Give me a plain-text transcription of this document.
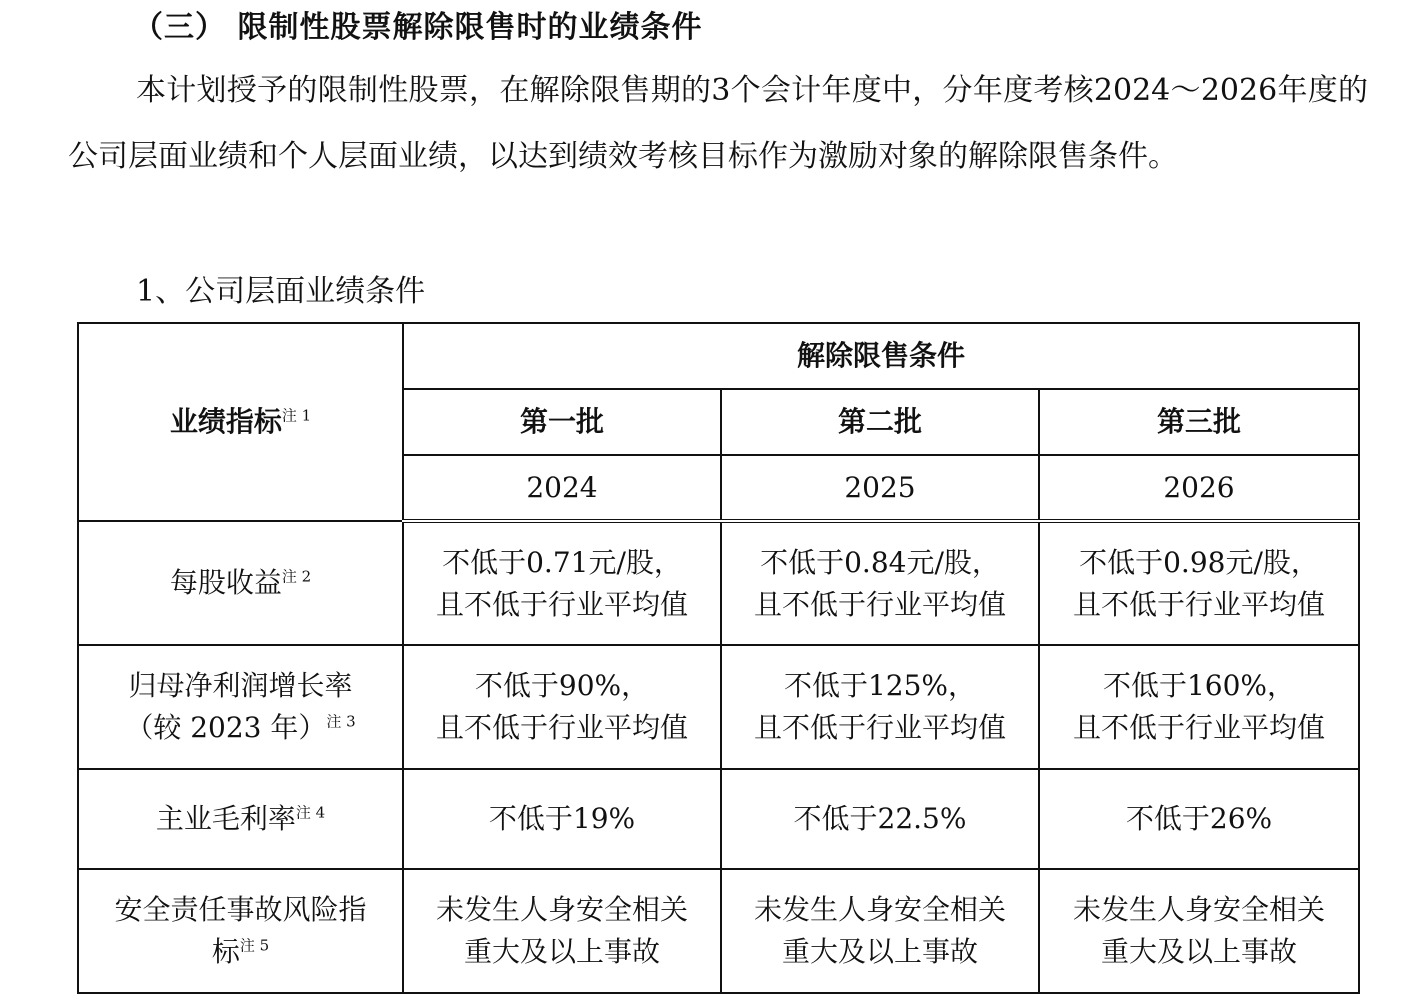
（三） 限制性股票解除限售时的业绩条件
本计划授予的限制性股票，在解除限售期的3个会计年度中，分年度考核2024～2026年度的公司层面业绩和个人层面业绩，以达到绩效考核目标作为激励对象的解除限售条件。
1、公司层面业绩条件
业绩指标$^{注 1}$	解除限售条件		
	第一批	第二批	第三批
	2024	2025	2026
每股收益$^{注 2}$	不低于0.71元/股，
且不低于行业平均值	不低于0.84元/股，
且不低于行业平均值	不低于0.98元/股，
且不低于行业平均值

归母净利润增长率
（较 2023 年）$^{注 3}$	不低于90%，
且不低于行业平均值	不低于125%，
且不低于行业平均值	不低于160%，
且不低于行业平均值

主业毛利率$^{注 4}$	不低于19%	不低于22.5%	不低于26%

安全责任事故风险指
标$^{注 5}$	未发生人身安全相关
重大及以上事故	未发生人身安全相关
重大及以上事故	未发生人身安全相关
重大及以上事故
